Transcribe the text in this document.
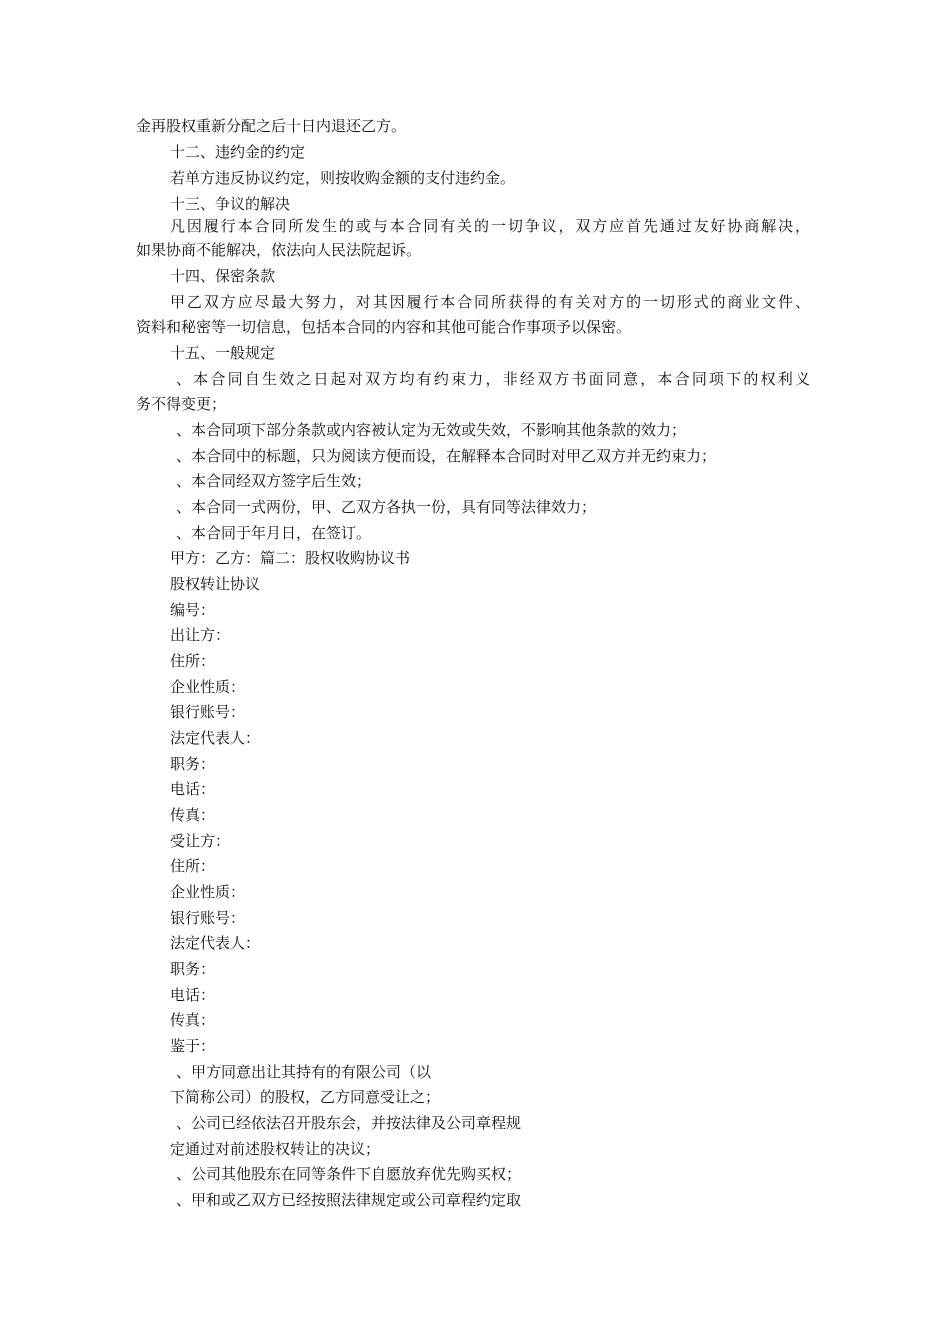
金再股权重新分配之后十日内退还乙方。
十二、违约金的约定
若单方违反协议约定，则按收购金额的支付违约金。
十三、争议的解决
凡因履行本合同所发生的或与本合同有关的一切争议，双方应首先通过友好协商解决，
如果协商不能解决，依法向人民法院起诉。
十四、保密条款
甲乙双方应尽最大努力，对其因履行本合同所获得的有关对方的一切形式的商业文件、
资料和秘密等一切信息，包括本合同的内容和其他可能合作事项予以保密。
十五、一般规定
、本合同自生效之日起对双方均有约束力，非经双方书面同意，本合同项下的权利义
务不得变更；
、本合同项下部分条款或内容被认定为无效或失效，不影响其他条款的效力；
、本合同中的标题，只为阅读方便而设，在解释本合同时对甲乙双方并无约束力；
、本合同经双方签字后生效；
、本合同一式两份，甲、乙双方各执一份，具有同等法律效力；
、本合同于年月日，在签订。
甲方：乙方：篇二：股权收购协议书
股权转让协议
编号：
出让方：
住所：
企业性质：
银行账号：
法定代表人：
职务：
电话：
传真：
受让方：
住所：
企业性质：
银行账号：
法定代表人：
职务：
电话：
传真：
鉴于：
、甲方同意出让其持有的有限公司（以
下简称公司）的股权，乙方同意受让之；
、公司已经依法召开股东会，并按法律及公司章程规
定通过对前述股权转让的决议；
、公司其他股东在同等条件下自愿放弃优先购买权；
、甲和或乙双方已经按照法律规定或公司章程约定取
